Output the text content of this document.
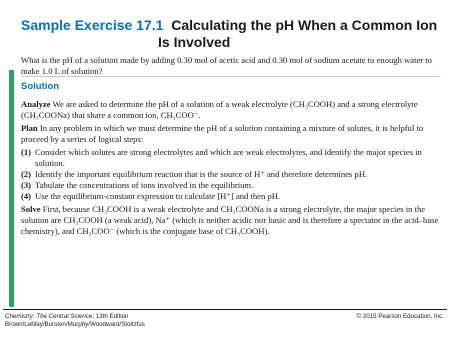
Sample Exercise 17.1 Calculating the pH When a Common Ion
Is Involved
What is the pH of a solution made by adding 0.30 mol of acetic acid and 0.30 mol of sodium acetate to enough water to make 1.0 L of solution?
Solution

Analyze We are asked to determine the pH of a solution of a weak electrolyte (CH₃COOH) and a strong electrolyte (CH₃COONa) that share a common ion, CH₃COO⁻.

Plan In any problem in which we must determine the pH of a solution containing a mixture of solutes, it is helpful to proceed by a series of logical steps:

(1) Consider which solutes are strong electrolytes and which are weak electrolytes, and identify the major species in solution.
(2) Identify the important equilibrium reaction that is the source of H⁺ and therefore determines pH.
(3) Tabulate the concentrations of ions involved in the equilibrium.
(4) Use the equilibrium-constant expression to calculate [H⁺] and then pH.

Solve First, because CH₃COOH is a weak electrolyte and CH₃COONa is a strong electrolyte, the major species in the solution are CH₃COOH (a weak acid), Na⁺ (which is neither acidic nor basic and is therefore a spectator in the acid–base chemistry), and CH₃COO⁻ (which is the conjugate base of CH₃COOH).

Chemistry: The Central Science, 13th Edition
Brown/LeMay/Bursten/Murphy/Woodward/Stoltzfus
© 2015 Pearson Education, Inc.
